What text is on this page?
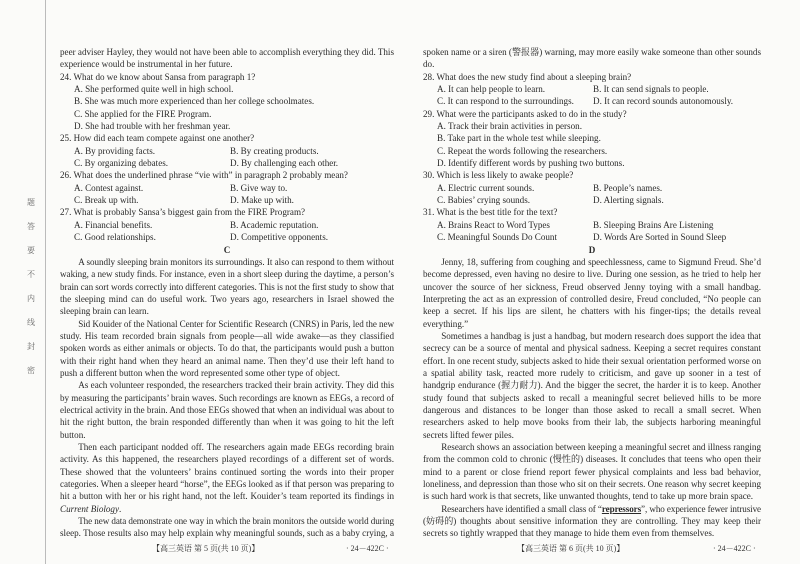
题
答
要
不
内
线
封
密
peer adviser Hayley, they would not have been able to accomplish everything they did. This
experience would be instrumental in her future.
24. What do we know about Sansa from paragraph 1?
A. She performed quite well in high school.
B. She was much more experienced than her college schoolmates.
C. She applied for the FIRE Program.
D. She had trouble with her freshman year.
25. How did each team compete against one another?
A. By providing facts.	B. By creating products.
C. By organizing debates.	D. By challenging each other.
26. What does the underlined phrase “vie with” in paragraph 2 probably mean?
A. Contest against.	B. Give way to.
C. Break up with.	D. Make up with.
27. What is probably Sansa’s biggest gain from the FIRE Program?
A. Financial benefits.	B. Academic reputation.
C. Good relationships.	D. Competitive opponents.
C
A soundly sleeping brain monitors its surroundings. It also can respond to them without
waking, a new study finds. For instance, even in a short sleep during the daytime, a person’s
brain can sort words correctly into different categories. This is not the first study to show that
the sleeping mind can do useful work. Two years ago, researchers in Israel showed the
sleeping brain can learn.
Sid Kouider of the National Center for Scientific Research (CNRS) in Paris, led the new
study. His team recorded brain signals from people—all wide awake—as they classified
spoken words as either animals or objects. To do that, the participants would push a button
with their right hand when they heard an animal name. Then they’d use their left hand to
push a different button when the word represented some other type of object.
As each volunteer responded, the researchers tracked their brain activity. They did this
by measuring the participants’ brain waves. Such recordings are known as EEGs, a record of
electrical activity in the brain. And those EEGs showed that when an individual was about to
hit the right button, the brain responded differently than when it was going to hit the left
button.
Then each participant nodded off. The researchers again made EEGs recording brain
activity. As this happened, the researchers played recordings of a different set of words.
These showed that the volunteers’ brains continued sorting the words into their proper
categories. When a sleeper heard “horse”, the EEGs looked as if that person was preparing to
hit a button with her or his right hand, not the left. Kouider’s team reported its findings in
Current Biology.
The new data demonstrate one way in which the brain monitors the outside world during
sleep. Those results also may help explain why meaningful sounds, such as a baby crying, a
spoken name or a siren (警报器) warning, may more easily wake someone than other sounds
do.
28. What does the new study find about a sleeping brain?
A. It can help people to learn.	B. It can send signals to people.
C. It can respond to the surroundings.	D. It can record sounds autonomously.
29. What were the participants asked to do in the study?
A. Track their brain activities in person.
B. Take part in the whole test while sleeping.
C. Repeat the words following the researchers.
D. Identify different words by pushing two buttons.
30. Which is less likely to awake people?
A. Electric current sounds.	B. People’s names.
C. Babies’ crying sounds.	D. Alerting signals.
31. What is the best title for the text?
A. Brains React to Word Types	B. Sleeping Brains Are Listening
C. Meaningful Sounds Do Count	D. Words Are Sorted in Sound Sleep
D
Jenny, 18, suffering from coughing and speechlessness, came to Sigmund Freud. She’d
become depressed, even having no desire to live. During one session, as he tried to help her
uncover the source of her sickness, Freud observed Jenny toying with a small handbag.
Interpreting the act as an expression of controlled desire, Freud concluded, “No people can
keep a secret. If his lips are silent, he chatters with his finger-tips; the details reveal
everything.”
Sometimes a handbag is just a handbag, but modern research does support the idea that
secrecy can be a source of mental and physical sadness. Keeping a secret requires constant
effort. In one recent study, subjects asked to hide their sexual orientation performed worse on
a spatial ability task, reacted more rudely to criticism, and gave up sooner in a test of
handgrip endurance (握力耐力). And the bigger the secret, the harder it is to keep. Another
study found that subjects asked to recall a meaningful secret believed hills to be more
dangerous and distances to be longer than those asked to recall a small secret. When
researchers asked to help move books from their lab, the subjects harboring meaningful
secrets lifted fewer piles.
Research shows an association between keeping a meaningful secret and illness ranging
from the common cold to chronic (慢性的) diseases. It concludes that teens who open their
mind to a parent or close friend report fewer physical complaints and less bad behavior,
loneliness, and depression than those who sit on their secrets. One reason why secret keeping
is such hard work is that secrets, like unwanted thoughts, tend to take up more brain space.
Researchers have identified a small class of “repressors”, who experience fewer intrusive
(妨碍的) thoughts about sensitive information they are controlling. They may keep their
secrets so tightly wrapped that they manage to hide them even from themselves.
【高三英语 第 5 页(共 10 页)】	· 24－422C ·	【高三英语 第 6 页(共 10 页)】	· 24－422C ·
